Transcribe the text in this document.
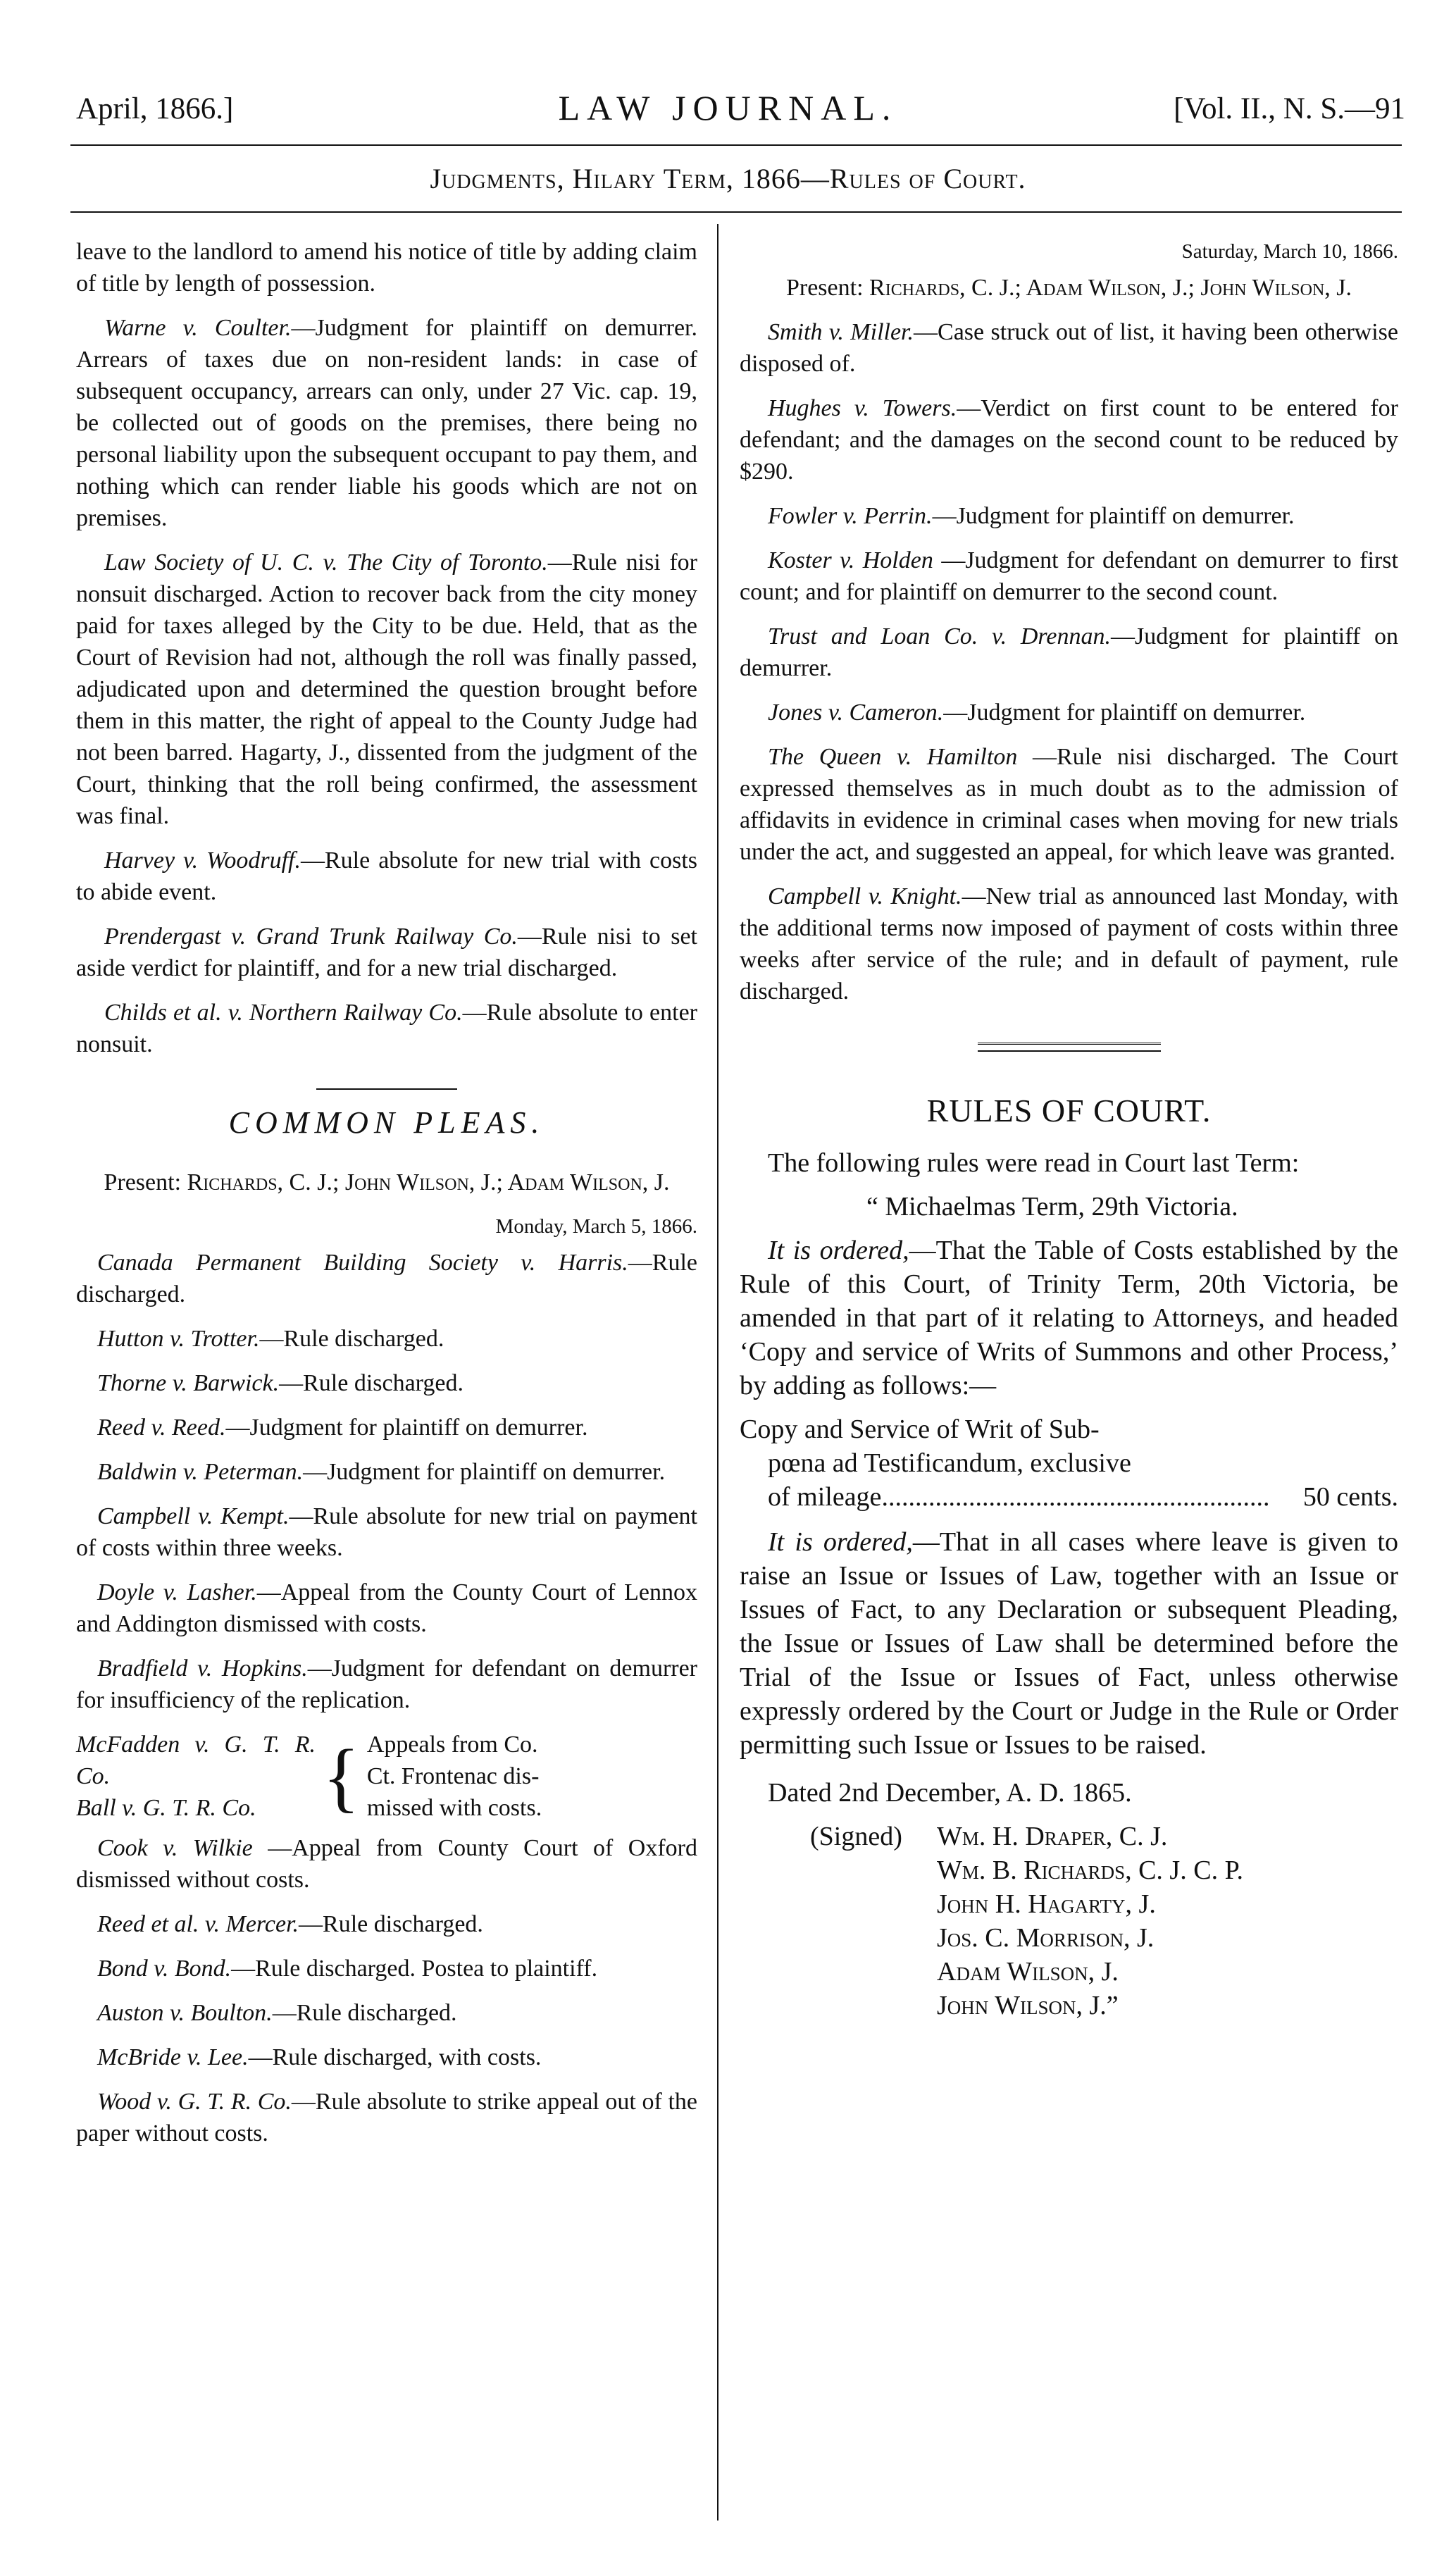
April, 1866.]	LAW JOURNAL.	[Vol. II., N. S.—91
Judgments, Hilary Term, 1866—Rules of Court.

leave to the landlord to amend his notice of title by adding claim of title by length of possession.

Warne v. Coulter.—Judgment for plaintiff on demurrer. Arrears of taxes due on non-resident lands: in case of subsequent occupancy, arrears can only, under 27 Vic. cap. 19, be collected out of goods on the premises, there being no personal liability upon the subsequent occupant to pay them, and nothing which can render liable his goods which are not on premises.

Law Society of U. C. v. The City of Toronto.—Rule nisi for nonsuit discharged. Action to recover back from the city money paid for taxes alleged by the City to be due. Held, that as the Court of Revision had not, although the roll was finally passed, adjudicated upon and determined the question brought before them in this matter, the right of appeal to the County Judge had not been barred. Hagarty, J., dissented from the judgment of the Court, thinking that the roll being confirmed, the assessment was final.

Harvey v. Woodruff.—Rule absolute for new trial with costs to abide event.

Prendergast v. Grand Trunk Railway Co.—Rule nisi to set aside verdict for plaintiff, and for a new trial discharged.

Childs et al. v. Northern Railway Co.—Rule absolute to enter nonsuit.

COMMON PLEAS.

Present: Richards, C. J.; John Wilson, J.; Adam Wilson, J.

Monday, March 5, 1866.

Canada Permanent Building Society v. Harris.—Rule discharged.

Hutton v. Trotter.—Rule discharged.

Thorne v. Barwick.—Rule discharged.

Reed v. Reed.—Judgment for plaintiff on demurrer.

Baldwin v. Peterman.—Judgment for plaintiff on demurrer.

Campbell v. Kempt.—Rule absolute for new trial on payment of costs within three weeks.

Doyle v. Lasher.—Appeal from the County Court of Lennox and Addington dismissed with costs.

Bradfield v. Hopkins.—Judgment for defendant on demurrer for insufficiency of the replication.

McFadden v. G. T. R. Co.
Ball v. G. T. R. Co. { Appeals from Co.
Ct. Frontenac dis-
missed with costs.

Cook v. Wilkie —Appeal from County Court of Oxford dismissed without costs.

Reed et al. v. Mercer.—Rule discharged.

Bond v. Bond.—Rule discharged. Postea to plaintiff.

Auston v. Boulton.—Rule discharged.

McBride v. Lee.—Rule discharged, with costs.

Wood v. G. T. R. Co.—Rule absolute to strike appeal out of the paper without costs.

Saturday, March 10, 1866.

Present: Richards, C. J.; Adam Wilson, J.; John Wilson, J.

Smith v. Miller.—Case struck out of list, it having been otherwise disposed of.

Hughes v. Towers.—Verdict on first count to be entered for defendant; and the damages on the second count to be reduced by $290.

Fowler v. Perrin.—Judgment for plaintiff on demurrer.

Koster v. Holden —Judgment for defendant on demurrer to first count; and for plaintiff on demurrer to the second count.

Trust and Loan Co. v. Drennan.—Judgment for plaintiff on demurrer.

Jones v. Cameron.—Judgment for plaintiff on demurrer.

The Queen v. Hamilton —Rule nisi discharged. The Court expressed themselves as in much doubt as to the admission of affidavits in evidence in criminal cases when moving for new trials under the act, and suggested an appeal, for which leave was granted.

Campbell v. Knight.—New trial as announced last Monday, with the additional terms now imposed of payment of costs within three weeks after service of the rule; and in default of payment, rule discharged.

RULES OF COURT.

The following rules were read in Court last Term:

“ Michaelmas Term, 29th Victoria.

It is ordered,—That the Table of Costs established by the Rule of this Court, of Trinity Term, 20th Victoria, be amended in that part of it relating to Attorneys, and headed ‘Copy and service of Writs of Summons and other Process,’ by adding as follows:—

Copy and Service of Writ of Sub-
pœna ad Testificandum, exclusive
of mileage ..........................................................	50 cents.

It is ordered,—That in all cases where leave is given to raise an Issue or Issues of Law, together with an Issue or Issues of Fact, to any Declaration or subsequent Pleading, the Issue or Issues of Law shall be determined before the Trial of the Issue or Issues of Fact, unless otherwise expressly ordered by the Court or Judge in the Rule or Order permitting such Issue or Issues to be raised.

Dated 2nd December, A. D. 1865.

(Signed)	Wm. H. Draper, C. J.
Wm. B. Richards, C. J. C. P.
John H. Hagarty, J.
Jos. C. Morrison, J.
Adam Wilson, J.
John Wilson, J.”
